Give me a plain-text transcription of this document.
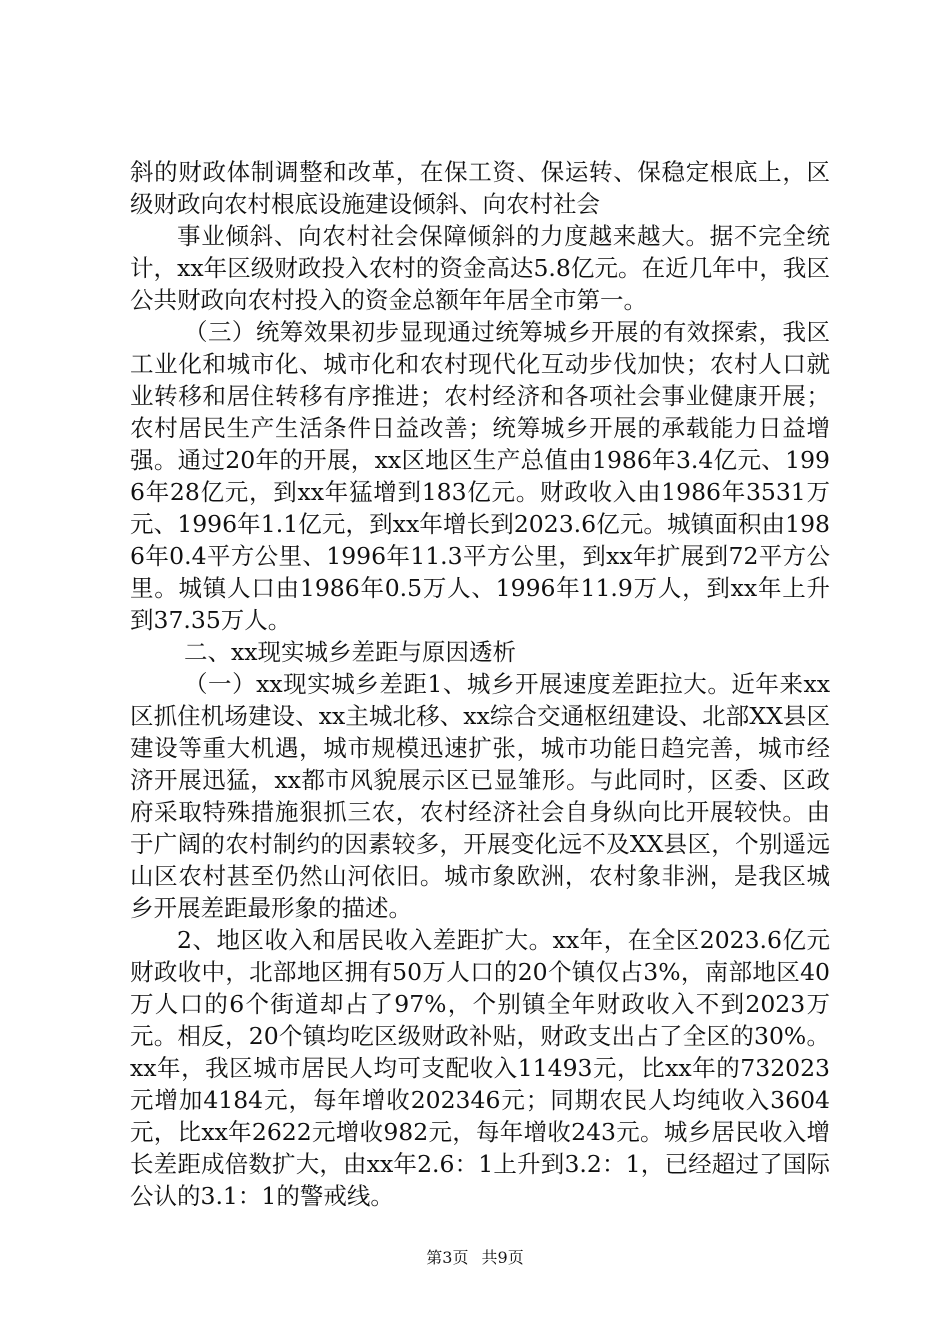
斜的财政体制调整和改革，在保工资、保运转、保稳定根底上，区级财政向农村根底设施建设倾斜、向农村社会

事业倾斜、向农村社会保障倾斜的力度越来越大。据不完全统计，xx年区级财政投入农村的资金高达5.8亿元。在近几年中，我区公共财政向农村投入的资金总额年年居全市第一。

（三）统筹效果初步显现通过统筹城乡开展的有效探索，我区工业化和城市化、城市化和农村现代化互动步伐加快；农村人口就业转移和居住转移有序推进；农村经济和各项社会事业健康开展；农村居民生产生活条件日益改善；统筹城乡开展的承载能力日益增强。通过20年的开展，xx区地区生产总值由1986年3.4亿元、1996年28亿元，到xx年猛增到183亿元。财政收入由1986年3531万元、1996年1.1亿元，到xx年增长到2023.6亿元。城镇面积由1986年0.4平方公里、1996年11.3平方公里，到xx年扩展到72平方公里。城镇人口由1986年0.5万人、1996年11.9万人，到xx年上升到37.35万人。

二、xx现实城乡差距与原因透析

（一）xx现实城乡差距1、城乡开展速度差距拉大。近年来xx区抓住机场建设、xx主城北移、xx综合交通枢纽建设、北部XX县区建设等重大机遇，城市规模迅速扩张，城市功能日趋完善，城市经济开展迅猛，xx都市风貌展示区已显雏形。与此同时，区委、区政府采取特殊措施狠抓三农，农村经济社会自身纵向比开展较快。由于广阔的农村制约的因素较多，开展变化远不及XX县区，个别遥远山区农村甚至仍然山河依旧。城市象欧洲，农村象非洲，是我区城乡开展差距最形象的描述。

2、地区收入和居民收入差距扩大。xx年，在全区2023.6亿元财政收中，北部地区拥有50万人口的20个镇仅占3%，南部地区40万人口的6个街道却占了97%，个别镇全年财政收入不到2023万元。相反，20个镇均吃区级财政补贴，财政支出占了全区的30%。xx年，我区城市居民人均可支配收入11493元，比xx年的732023元增加4184元，每年增收202346元；同期农民人均纯收入3604元，比xx年2622元增收982元，每年增收243元。城乡居民收入增长差距成倍数扩大，由xx年2.6：1上升到3.2：1，已经超过了国际公认的3.1：1的警戒线。

第3页 共9页
